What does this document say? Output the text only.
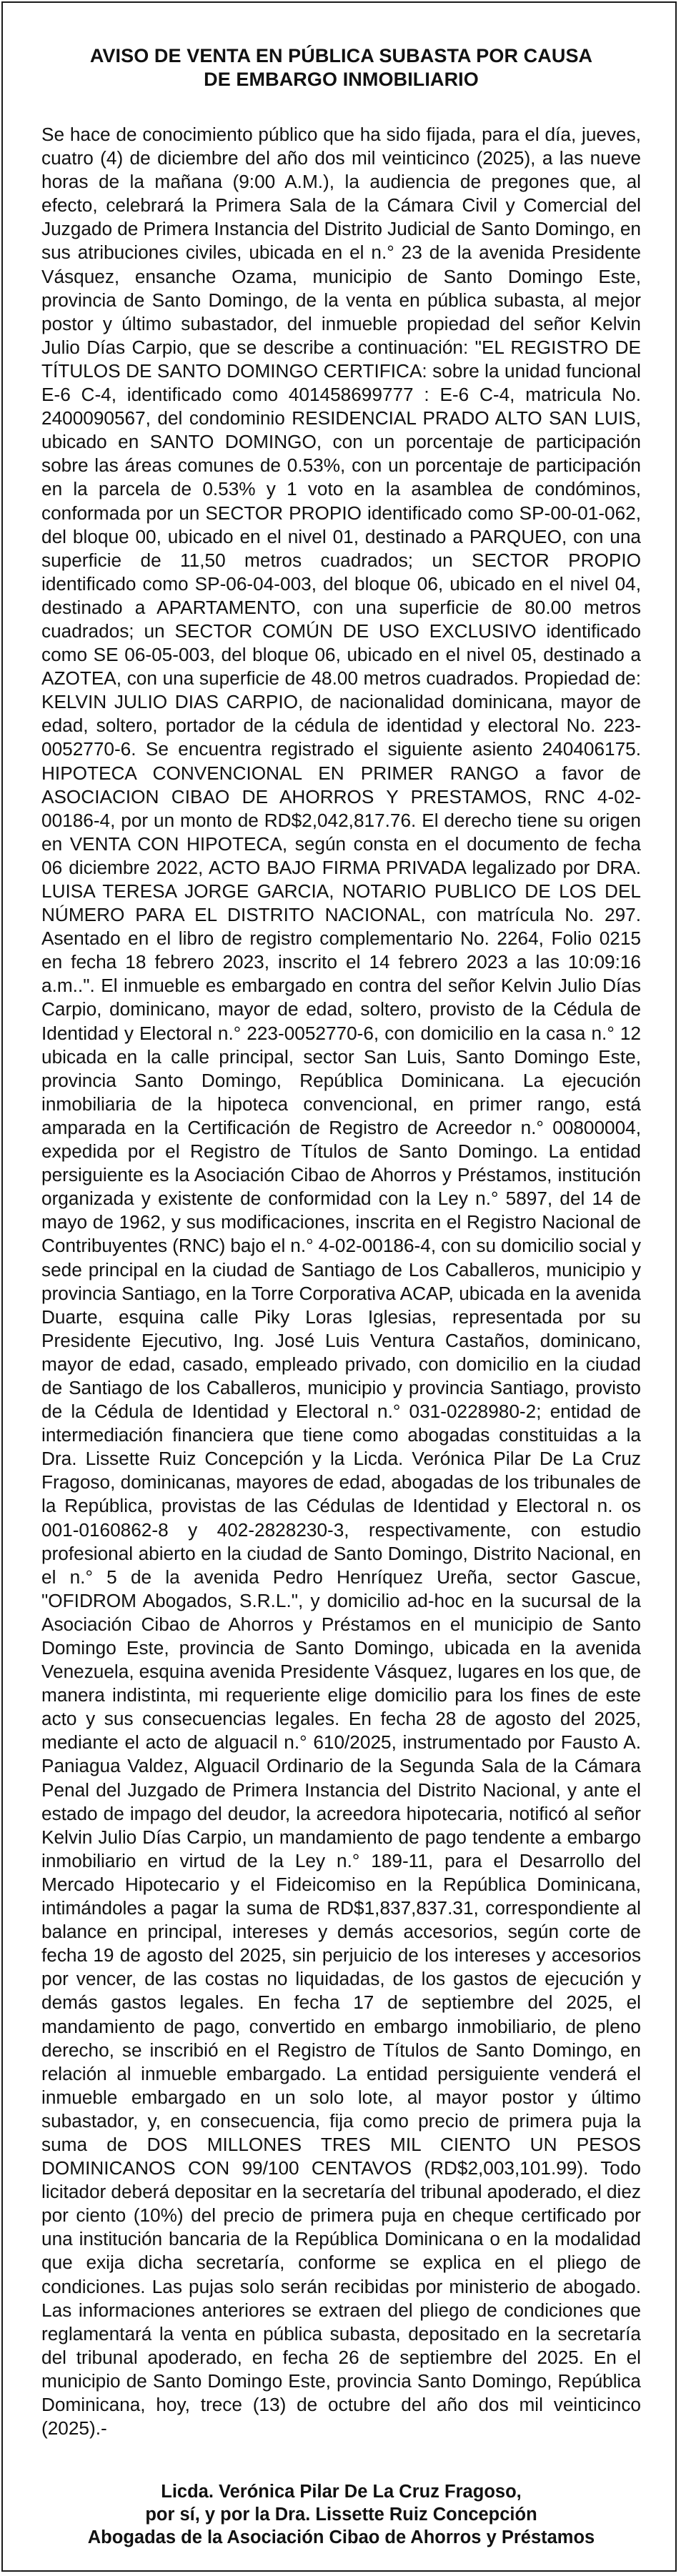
AVISO DE VENTA EN PÚBLICA SUBASTA POR CAUSA
DE EMBARGO INMOBILIARIO

Se hace de conocimiento público que ha sido fijada, para el día, jueves, cuatro (4) de diciembre del año dos mil veinticinco (2025), a las nueve horas de la mañana (9:00 A.M.), la audiencia de pregones que, al efecto, celebrará la Primera Sala de la Cámara Civil y Comercial del Juzgado de Primera Instancia del Distrito Judicial de Santo Domingo, en sus atribuciones civiles, ubicada en el n.° 23 de la avenida Presidente Vásquez, ensanche Ozama, municipio de Santo Domingo Este, provincia de Santo Domingo, de la venta en pública subasta, al mejor postor y último subastador, del inmueble propiedad del señor Kelvin Julio Días Carpio, que se describe a continuación: "EL REGISTRO DE TÍTULOS DE SANTO DOMINGO CERTIFICA: sobre la unidad funcional E-6 C-4, identificado como 401458699777 : E-6 C-4, matricula No. 2400090567, del condominio RESIDENCIAL PRADO ALTO SAN LUIS, ubicado en SANTO DOMINGO, con un porcentaje de participación sobre las áreas comunes de 0.53%, con un porcentaje de participación en la parcela de 0.53% y 1 voto en la asamblea de condóminos, conformada por un SECTOR PROPIO identificado como SP-00-01-062, del bloque 00, ubicado en el nivel 01, destinado a PARQUEO, con una superficie de 11,50 metros cuadrados; un SECTOR PROPIO identificado como SP-06-04-003, del bloque 06, ubicado en el nivel 04, destinado a APARTAMENTO, con una superficie de 80.00 metros cuadrados; un SECTOR COMÚN DE USO EXCLUSIVO identificado como SE 06-05-003, del bloque 06, ubicado en el nivel 05, destinado a AZOTEA, con una superficie de 48.00 metros cuadrados. Propiedad de: KELVIN JULIO DIAS CARPIO, de nacionalidad dominicana, mayor de edad, soltero, portador de la cédula de identidad y electoral No. 223-0052770-6. Se encuentra registrado el siguiente asiento 240406175. HIPOTECA CONVENCIONAL EN PRIMER RANGO a favor de ASOCIACION CIBAO DE AHORROS Y PRESTAMOS, RNC 4-02-00186-4, por un monto de RD$2,042,817.76. El derecho tiene su origen en VENTA CON HIPOTECA, según consta en el documento de fecha 06 diciembre 2022, ACTO BAJO FIRMA PRIVADA legalizado por DRA. LUISA TERESA JORGE GARCIA, NOTARIO PUBLICO DE LOS DEL NÚMERO PARA EL DISTRITO NACIONAL, con matrícula No. 297. Asentado en el libro de registro complementario No. 2264, Folio 0215 en fecha 18 febrero 2023, inscrito el 14 febrero 2023 a las 10:09:16 a.m..". El inmueble es embargado en contra del señor Kelvin Julio Días Carpio, dominicano, mayor de edad, soltero, provisto de la Cédula de Identidad y Electoral n.° 223-0052770-6, con domicilio en la casa n.° 12 ubicada en la calle principal, sector San Luis, Santo Domingo Este, provincia Santo Domingo, República Dominicana. La ejecución inmobiliaria de la hipoteca convencional, en primer rango, está amparada en la Certificación de Registro de Acreedor n.° 00800004, expedida por el Registro de Títulos de Santo Domingo. La entidad persiguiente es la Asociación Cibao de Ahorros y Préstamos, institución organizada y existente de conformidad con la Ley n.° 5897, del 14 de mayo de 1962, y sus modificaciones, inscrita en el Registro Nacional de Contribuyentes (RNC) bajo el n.° 4-02-00186-4, con su domicilio social y sede principal en la ciudad de Santiago de Los Caballeros, municipio y provincia Santiago, en la Torre Corporativa ACAP, ubicada en la avenida Duarte, esquina calle Piky Loras Iglesias, representada por su Presidente Ejecutivo, Ing. José Luis Ventura Castaños, dominicano, mayor de edad, casado, empleado privado, con domicilio en la ciudad de Santiago de los Caballeros, municipio y provincia Santiago, provisto de la Cédula de Identidad y Electoral n.° 031-0228980-2; entidad de intermediación financiera que tiene como abogadas constituidas a la Dra. Lissette Ruiz Concepción y la Licda. Verónica Pilar De La Cruz Fragoso, dominicanas, mayores de edad, abogadas de los tribunales de la República, provistas de las Cédulas de Identidad y Electoral n. os 001-0160862-8 y 402-2828230-3, respectivamente, con estudio profesional abierto en la ciudad de Santo Domingo, Distrito Nacional, en el n.° 5 de la avenida Pedro Henríquez Ureña, sector Gascue, "OFIDROM Abogados, S.R.L.", y domicilio ad-hoc en la sucursal de la Asociación Cibao de Ahorros y Préstamos en el municipio de Santo Domingo Este, provincia de Santo Domingo, ubicada en la avenida Venezuela, esquina avenida Presidente Vásquez, lugares en los que, de manera indistinta, mi requeriente elige domicilio para los fines de este acto y sus consecuencias legales. En fecha 28 de agosto del 2025, mediante el acto de alguacil n.° 610/2025, instrumentado por Fausto A. Paniagua Valdez, Alguacil Ordinario de la Segunda Sala de la Cámara Penal del Juzgado de Primera Instancia del Distrito Nacional, y ante el estado de impago del deudor, la acreedora hipotecaria, notificó al señor Kelvin Julio Días Carpio, un mandamiento de pago tendente a embargo inmobiliario en virtud de la Ley n.° 189-11, para el Desarrollo del Mercado Hipotecario y el Fideicomiso en la República Dominicana, intimándoles a pagar la suma de RD$1,837,837.31, correspondiente al balance en principal, intereses y demás accesorios, según corte de fecha 19 de agosto del 2025, sin perjuicio de los intereses y accesorios por vencer, de las costas no liquidadas, de los gastos de ejecución y demás gastos legales. En fecha 17 de septiembre del 2025, el mandamiento de pago, convertido en embargo inmobiliario, de pleno derecho, se inscribió en el Registro de Títulos de Santo Domingo, en relación al inmueble embargado. La entidad persiguiente venderá el inmueble embargado en un solo lote, al mayor postor y último subastador, y, en consecuencia, fija como precio de primera puja la suma de DOS MILLONES TRES MIL CIENTO UN PESOS DOMINICANOS CON 99/100 CENTAVOS (RD$2,003,101.99). Todo licitador deberá depositar en la secretaría del tribunal apoderado, el diez por ciento (10%) del precio de primera puja en cheque certificado por una institución bancaria de la República Dominicana o en la modalidad que exija dicha secretaría, conforme se explica en el pliego de condiciones. Las pujas solo serán recibidas por ministerio de abogado. Las informaciones anteriores se extraen del pliego de condiciones que reglamentará la venta en pública subasta, depositado en la secretaría del tribunal apoderado, en fecha 26 de septiembre del 2025. En el municipio de Santo Domingo Este, provincia Santo Domingo, República Dominicana, hoy, trece (13) de octubre del año dos mil veinticinco (2025).-

Licda. Verónica Pilar De La Cruz Fragoso,
por sí, y por la Dra. Lissette Ruiz Concepción
Abogadas de la Asociación Cibao de Ahorros y Préstamos
